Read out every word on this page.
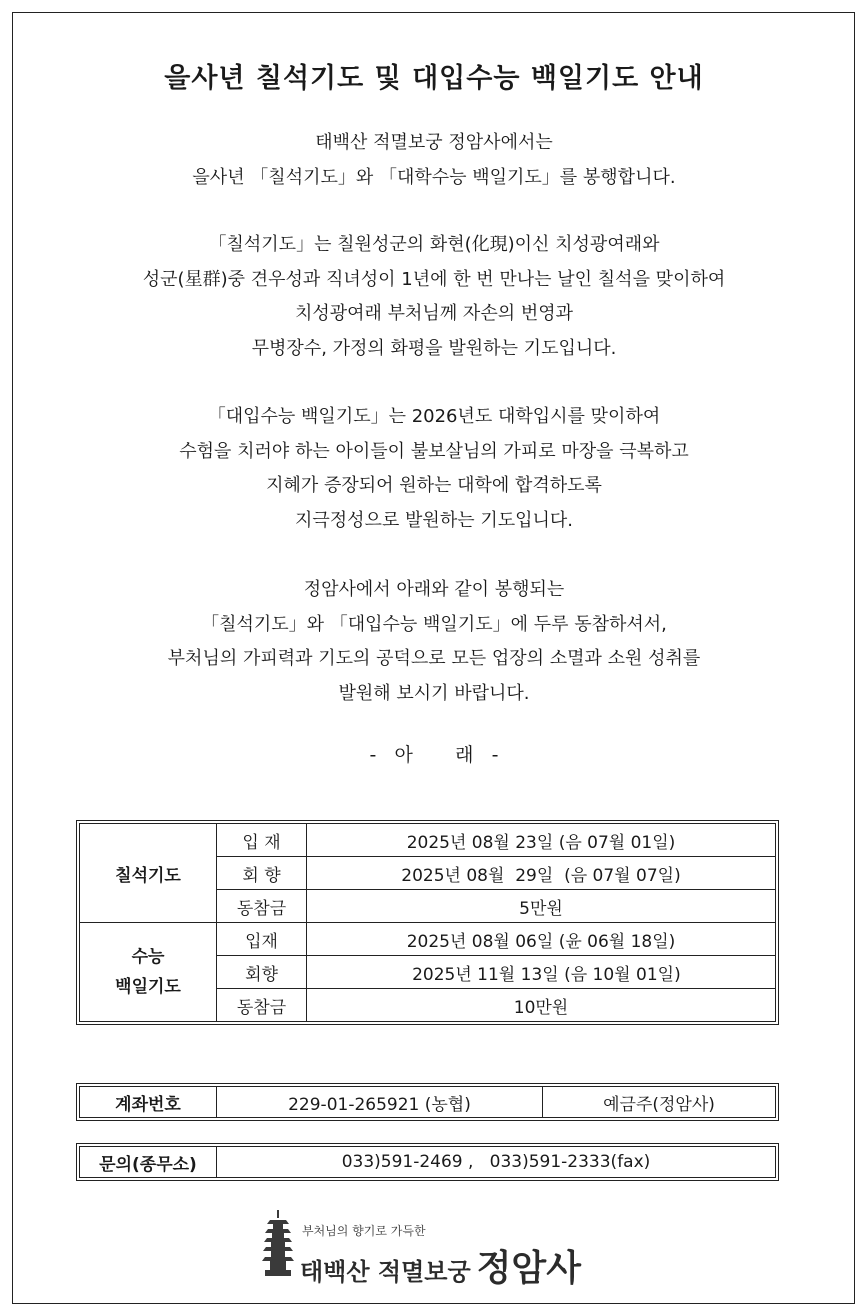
을사년 칠석기도 및 대입수능 백일기도 안내

태백산 적멸보궁 정암사에서는

을사년 「칠석기도」와 「대학수능 백일기도」를 봉행합니다.

「칠석기도」는 칠원성군의 화현(化現)이신 치성광여래와

성군(星群)중 견우성과 직녀성이 1년에 한 번 만나는 날인 칠석을 맞이하여

치성광여래 부처님께 자손의 번영과

무병장수, 가정의 화평을 발원하는 기도입니다.

「대입수능 백일기도」는 2026년도 대학입시를 맞이하여

수험을 치러야 하는 아이들이 불보살님의 가피로 마장을 극복하고

지혜가 증장되어 원하는 대학에 합격하도록

지극정성으로 발원하는 기도입니다.

정암사에서 아래와 같이 봉행되는

「칠석기도」와 「대입수능 백일기도」에 두루 동참하셔서,

부처님의 가피력과 기도의 공덕으로 모든 업장의 소멸과 소원 성취를

발원해 보시기 바랍니다.

-   아       래   -
칠석기도	입 재	2025년 08월 23일 (음 07월 01일)
	회 향	2025년 08월  29일  (음 07월 07일)
	동참금	5만원

수능
백일기도	입재	2025년 08월 06일 (윤 06월 18일)
	회향	2025년 11월 13일 (음 10월 01일)
	동참금	10만원
계좌번호	229-01-265921 (농협)	예금주(정암사)
문의(종무소)	033)591-2469 ,   033)591-2333(fax)
부처님의 향기로 가득한
태백산 적멸보궁 정암사
